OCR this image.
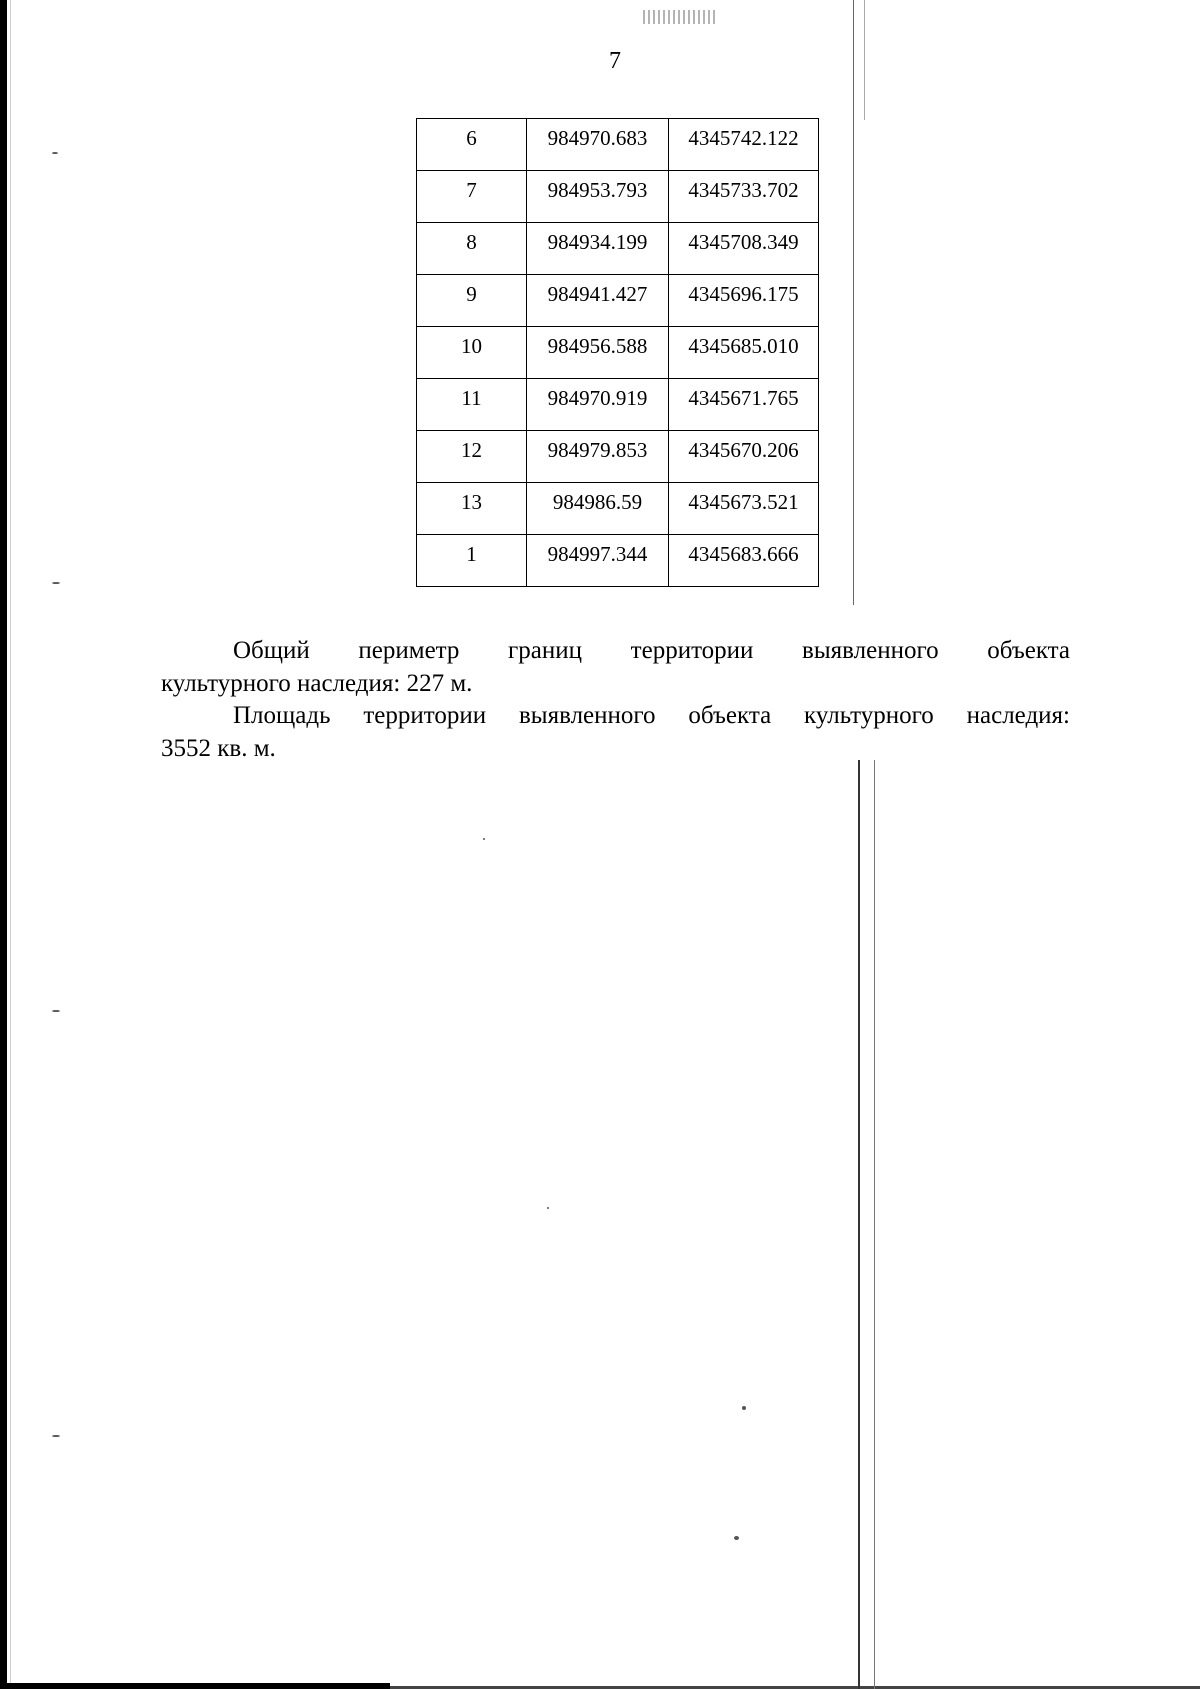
7
6	984970.683	4345742.122
7	984953.793	4345733.702
8	984934.199	4345708.349
9	984941.427	4345696.175
10	984956.588	4345685.010
11	984970.919	4345671.765
12	984979.853	4345670.206
13	984986.59	4345673.521
1	984997.344	4345683.666
Общий периметр границ территории выявленного объекта
культурного наследия: 227 м.
Площадь территории выявленного объекта культурного наследия:
3552 кв. м.
